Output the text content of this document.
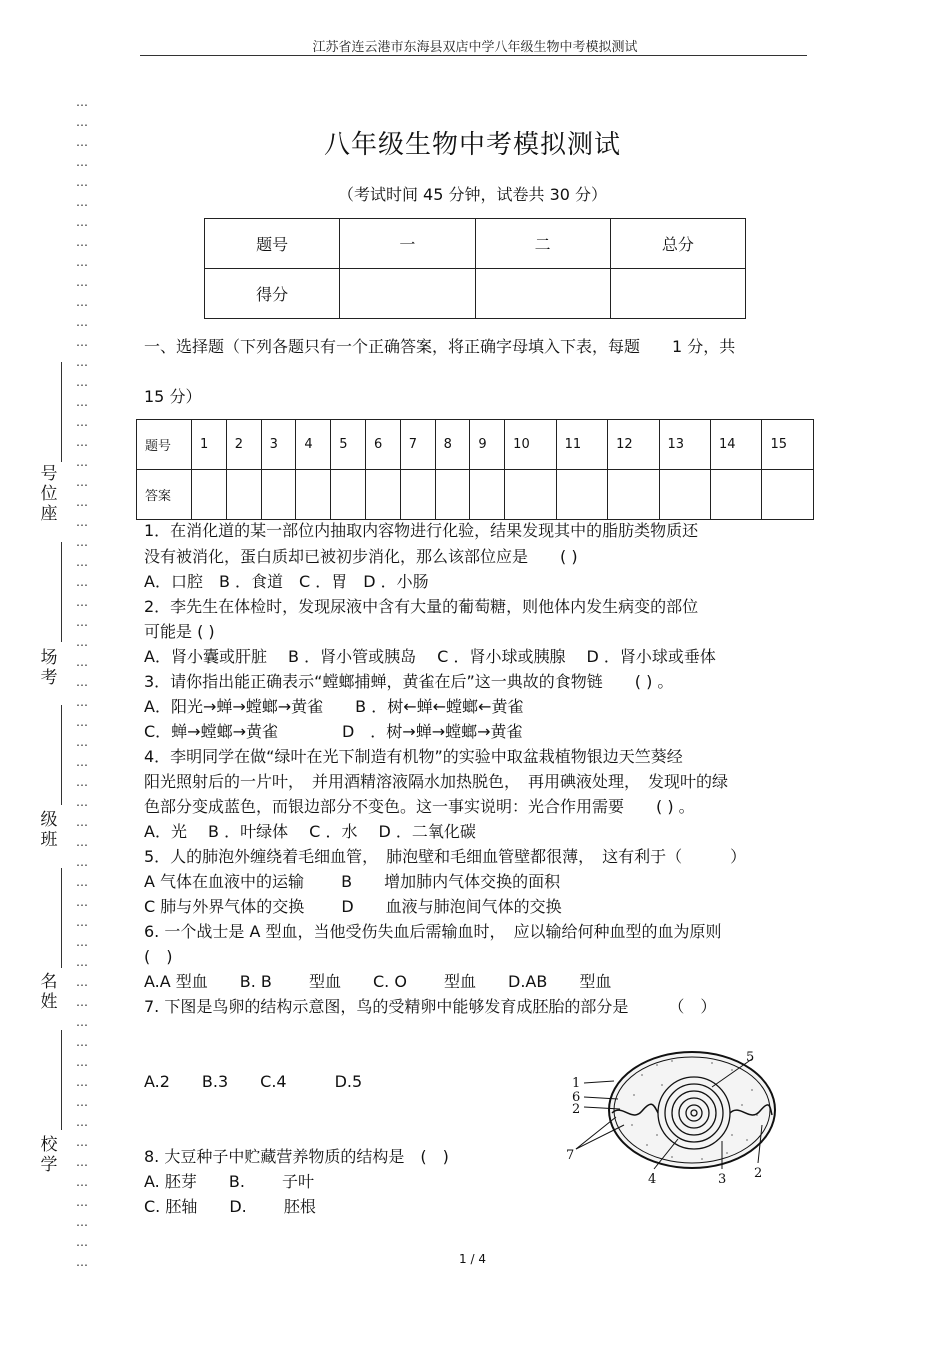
江苏省连云港市东海县双店中学八年级生物中考模拟测试
…
…
…
…
…
…
…
…
…
…
…
…
…
…
…
…
…
…
…
…
…
…
…
…
…
…
…
…
…
…
…
…
…
…
…
…
…
…
…
…
…
…
…
…
…
…
…
…
…
…
…
…
…
…
…
…
…
…
…
号
位
座
场
考
级
班
名
姓
校
学
八年级生物中考模拟测试
（考试时间 45 分钟，试卷共 30 分）
题号	一	二	总分
得分			
一、选择题（下列各题只有一个正确答案，将正确字母填入下表，每题　　1 分，共
15 分）
题号	1	2	3	4	5	6	7	8	9	10	11	12	13	14	15
答案															
1．在消化道的某一部位内抽取内容物进行化验，结果发现其中的脂肪类物质还
没有被消化，蛋白质却已被初步消化，那么该部位应是　　( )
A．口腔　B ．食道　C ．胃　D ．小肠
2．李先生在体检时，发现尿液中含有大量的葡萄糖，则他体内发生病变的部位
可能是 ( )
A．肾小囊或肝脏　 B ．肾小管或胰岛　 C ．肾小球或胰腺　 D ．肾小球或垂体
3．请你指出能正确表示“螳螂捕蝉，黄雀在后”这一典故的食物链　　( ) 。
A．阳光→蝉→螳螂→黄雀　　B ．树←蝉←螳螂←黄雀
C．蝉→螳螂→黄雀　　　　D　．树→蝉→螳螂→黄雀
4．李明同学在做“绿叶在光下制造有机物”的实验中取盆栽植物银边天竺葵经
阳光照射后的一片叶，　并用酒精溶液隔水加热脱色，　再用碘液处理，　发现叶的绿
色部分变成蓝色，而银边部分不变色。这一事实说明：光合作用需要　　( ) 。
A．光　 B ．叶绿体　 C ．水　 D ．二氧化碳
5．人的肺泡外缠绕着毛细血管，　肺泡壁和毛细血管壁都很薄，　这有利于（　　　）
A 气体在血液中的运输　　 B　　增加肺内气体交换的面积
C 肺与外界气体的交换　　 D　　血液与肺泡间气体的交换
6. 一个战士是 A 型血，当他受伤失血后需输血时，　应以输给何种血型的血为原则
(　)
A.A 型血　　B. B　　 型血　　C. O　　 型血　　D.AB　　型血
7. 下图是鸟卵的结构示意图，鸟的受精卵中能够发育成胚胎的部分是　　　（　）
A.2　　B.3　　C.4　　　D.5
8. 大豆种子中贮藏营养物质的结构是　(　)
A. 胚芽　　B.　　 子叶
C. 胚轴　　D.　　 胚根
1
6
2
7
4	3 2
5
1 / 4
